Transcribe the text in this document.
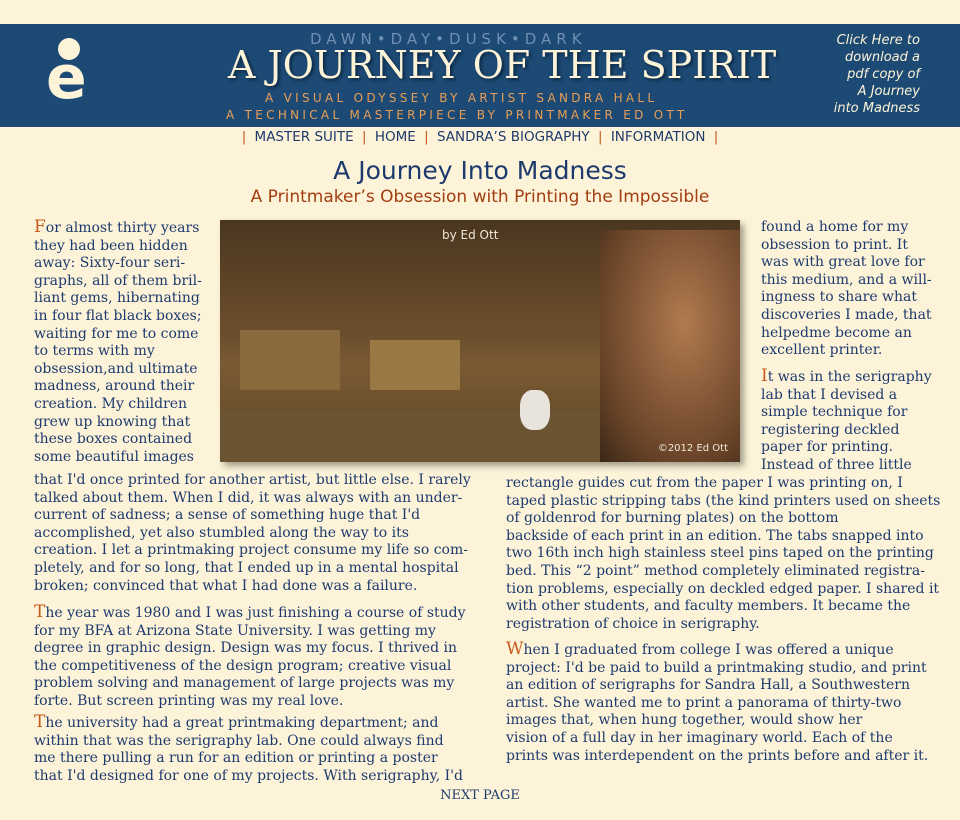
e
DAWN•DAY•DUSK•DARK
A JOURNEY OF THE SPIRIT
A VISUAL ODYSSEY BY ARTIST SANDRA HALL
A TECHNICAL MASTERPIECE BY PRINTMAKER ED OTT
Click Here to
download a
pdf copy of
A Journey
into Madness
| MASTER SUITE | HOME | SANDRA’S BIOGRAPHY | INFORMATION |
A Journey Into Madness
A Printmaker’s Obsession with Printing the Impossible
by Ed Ott
©2012 Ed Ott
For almost thirty years
they had been hidden
away: Sixty-four seri-
graphs, all of them bril-
liant gems, hibernating
in four flat black boxes;
waiting for me to come
to terms with my
obsession,and ultimate
madness, around their
creation. My children
grew up knowing that
these boxes contained
some beautiful images
that I'd once printed for another artist, but little else. I rarely
talked about them. When I did, it was always with an under-
current of sadness; a sense of something huge that I'd
accomplished, yet also stumbled along the way to its
creation. I let a printmaking project consume my life so com-
pletely, and for so long, that I ended up in a mental hospital
broken; convinced that what I had done was a failure.
The year was 1980 and I was just finishing a course of study
for my BFA at Arizona State University. I was getting my
degree in graphic design. Design was my focus. I thrived in
the competitiveness of the design program; creative visual
problem solving and management of large projects was my
forte. But screen printing was my real love.
The university had a great printmaking department; and
within that was the serigraphy lab. One could always find
me there pulling a run for an edition or printing a poster
that I'd designed for one of my projects. With serigraphy, I'd
found a home for my
obsession to print. It
was with great love for
this medium, and a will-
ingness to share what
discoveries I made, that
helpedme become an
excellent printer.
It was in the serigraphy
lab that I devised a
simple technique for
registering deckled
paper for printing.
Instead of three little
rectangle guides cut from the paper I was printing on, I
taped plastic stripping tabs (the kind printers used on sheets
of goldenrod for burning plates) on the bottom
backside of each print in an edition. The tabs snapped into
two 16th inch high stainless steel pins taped on the printing
bed. This “2 point” method completely eliminated registra-
tion problems, especially on deckled edged paper. I shared it
with other students, and faculty members. It became the
registration of choice in serigraphy.
When I graduated from college I was offered a unique
project: I'd be paid to build a printmaking studio, and print
an edition of serigraphs for Sandra Hall, a Southwestern
artist. She wanted me to print a panorama of thirty-two
images that, when hung together, would show her
vision of a full day in her imaginary world. Each of the
prints was interdependent on the prints before and after it.
NEXT PAGE
